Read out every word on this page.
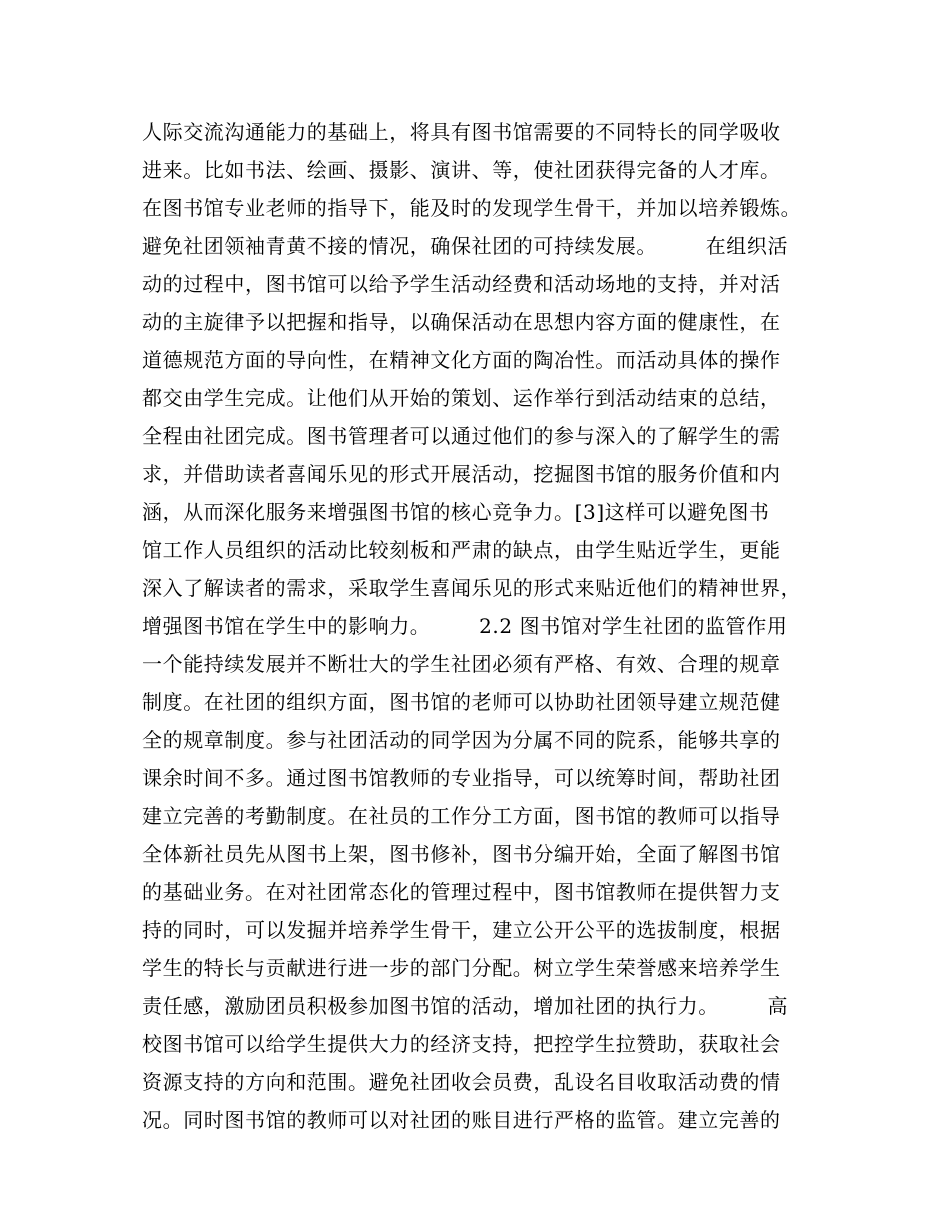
人际交流沟通能力的基础上，将具有图书馆需要的不同特长的同学吸收
进来。比如书法、绘画、摄影、演讲、等，使社团获得完备的人才库。
在图书馆专业老师的指导下，能及时的发现学生骨干，并加以培养锻炼。
避免社团领袖青黄不接的情况，确保社团的可持续发展。       在组织活
动的过程中，图书馆可以给予学生活动经费和活动场地的支持，并对活
动的主旋律予以把握和指导，以确保活动在思想内容方面的健康性，在
道德规范方面的导向性，在精神文化方面的陶冶性。而活动具体的操作
都交由学生完成。让他们从开始的策划、运作举行到活动结束的总结，
全程由社团完成。图书管理者可以通过他们的参与深入的了解学生的需
求，并借助读者喜闻乐见的形式开展活动，挖掘图书馆的服务价值和内
涵，从而深化服务来增强图书馆的核心竞争力。[3]这样可以避免图书
馆工作人员组织的活动比较刻板和严肃的缺点，由学生贴近学生，更能
深入了解读者的需求，采取学生喜闻乐见的形式来贴近他们的精神世界，
增强图书馆在学生中的影响力。       2.2 图书馆对学生社团的监管作用
一个能持续发展并不断壮大的学生社团必须有严格、有效、合理的规章
制度。在社团的组织方面，图书馆的老师可以协助社团领导建立规范健
全的规章制度。参与社团活动的同学因为分属不同的院系，能够共享的
课余时间不多。通过图书馆教师的专业指导，可以统筹时间，帮助社团
建立完善的考勤制度。在社员的工作分工方面，图书馆的教师可以指导
全体新社员先从图书上架，图书修补，图书分编开始，全面了解图书馆
的基础业务。在对社团常态化的管理过程中，图书馆教师在提供智力支
持的同时，可以发掘并培养学生骨干，建立公开公平的选拔制度，根据
学生的特长与贡献进行进一步的部门分配。树立学生荣誉感来培养学生
责任感，激励团员积极参加图书馆的活动，增加社团的执行力。       高
校图书馆可以给学生提供大力的经济支持，把控学生拉赞助，获取社会
资源支持的方向和范围。避免社团收会员费，乱设名目收取活动费的情
况。同时图书馆的教师可以对社团的账目进行严格的监管。建立完善的
